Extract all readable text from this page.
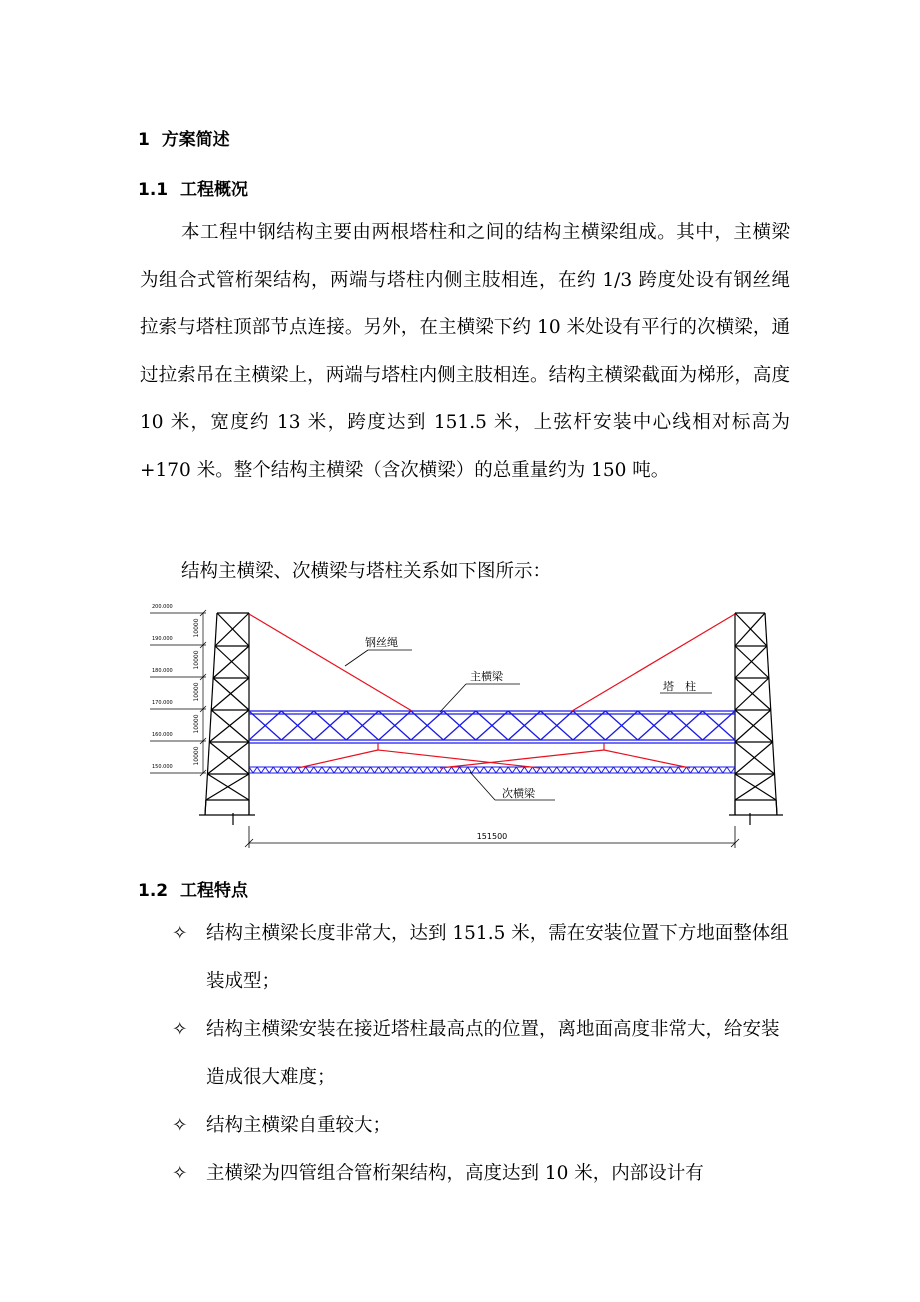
1 方案简述
1.1 工程概况
本工程中钢结构主要由两根塔柱和之间的结构主横梁组成。其中，主横梁为组合式管桁架结构，两端与塔柱内侧主肢相连，在约 1/3 跨度处设有钢丝绳拉索与塔柱顶部节点连接。另外，在主横梁下约 10 米处设有平行的次横梁，通过拉索吊在主横梁上，两端与塔柱内侧主肢相连。结构主横梁截面为梯形，高度 10 米，宽度约 13 米，跨度达到 151.5 米，上弦杆安装中心线相对标高为+170 米。整个结构主横梁（含次横梁）的总重量约为 150 吨。
结构主横梁、次横梁与塔柱关系如下图所示：
钢丝绳
主横梁
塔　柱
次横梁
151500
200.000
190.000
180.000
170.000
160.000
150.000
10000
10000
10000
10000
10000
1.2 工程特点
✧ 结构主横梁长度非常大，达到 151.5 米，需在安装位置下方地面整体组装成型；
✧ 结构主横梁安装在接近塔柱最高点的位置，离地面高度非常大，给安装造成很大难度；
✧ 结构主横梁自重较大；
✧ 主横梁为四管组合管桁架结构，高度达到 10 米，内部设计有
